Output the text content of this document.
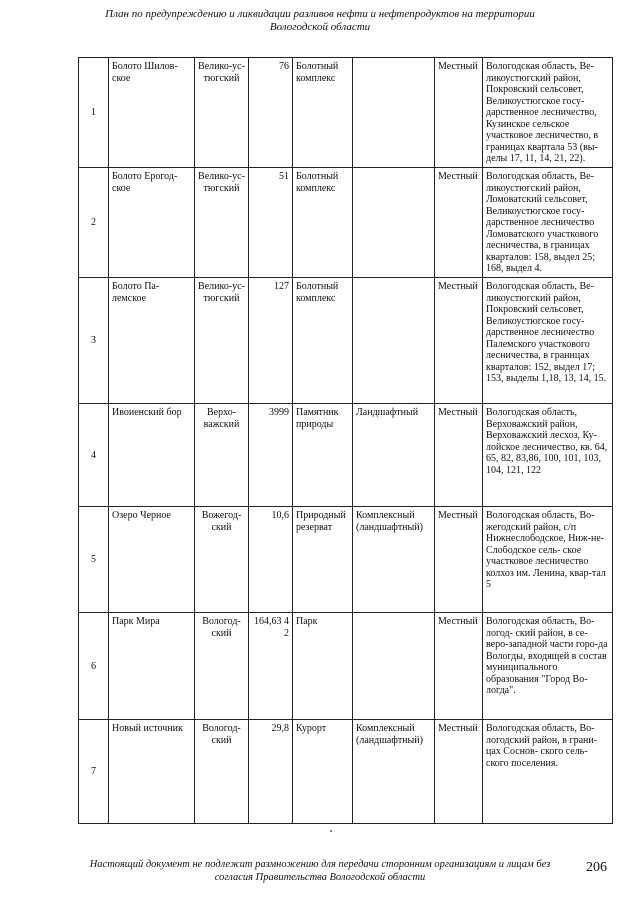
План по предупреждению и ликвидации разливов нефти и нефтепродуктов на территории
Вологодской области
1	Болото Шилов-ское	Велико-ус-тюгский	76	Болотный комплекс		Местный	Вологодская область, Ве-ликоустюгский район, Покровский сельсовет, Великоустюгское госу-дарственное лесничество, Кузинское сельское участковое лесничество, в границах квартала 53 (вы-делы 17, 11, 14, 21, 22).
2	Болото Ерогод-ское	Велико-ус-тюгский	51	Болотный комплекс		Местный	Вологодская область, Ве-ликоустюгский район, Ломоватский сельсовет, Великоустюгское госу-дарственное лесничество Ломоватского участкового лесничества, в границах кварталов: 158, выдел 25; 168, выдел 4.
3	Болото Па-лемское	Велико-ус-тюгский	127	Болотный комплекс		Местный	Вологодская область, Ве-ликоустюгский район, Покровский сельсовет, Великоустюгское госу-дарственное лесничество Палемского участкового лесничества, в границах кварталов: 152, выдел 17; 153, выделы 1,18, 13, 14, 15.
4	Ивоиенский бор	Верхо-важский	3999	Памятник природы	Ландшафтный	Местный	Вологодская область, Верховажский район, Верховажский лесхоз, Ку-лойское лесничество, кв. 64, 65, 82, 83,86, 100, 101, 103, 104, 121, 122
5	Озеро Черное	Вожегод-ский	10,6	Природный резерват	Комплексный (ландшафтный)	Местный	Вологодская область, Во-жегодский район, с/п Нижнеслободское, Ниж-не-Слободское сель- ское участковое лесничество колхоз им. Ленина, квар-тал 5
6	Парк Мира	Вологод-ский	164,63 4 2	Парк		Местный	Вологодская область, Во-логод- ский район, в се-веро-западной части горо-да Вологды, входящей в состав муниципального образования "Город Во-логда".
7	Новый источник	Вологод-ский	29,8	Курорт	Комплексный (ландшафтный)	Местный	Вологодская область, Во-логодский район, в грани-цах Соснов- ского сель-ского поселения.
Настоящий документ не подлежит размножению для передачи сторонним организациям и лицам без
согласия Правительства Вологодской области
206
